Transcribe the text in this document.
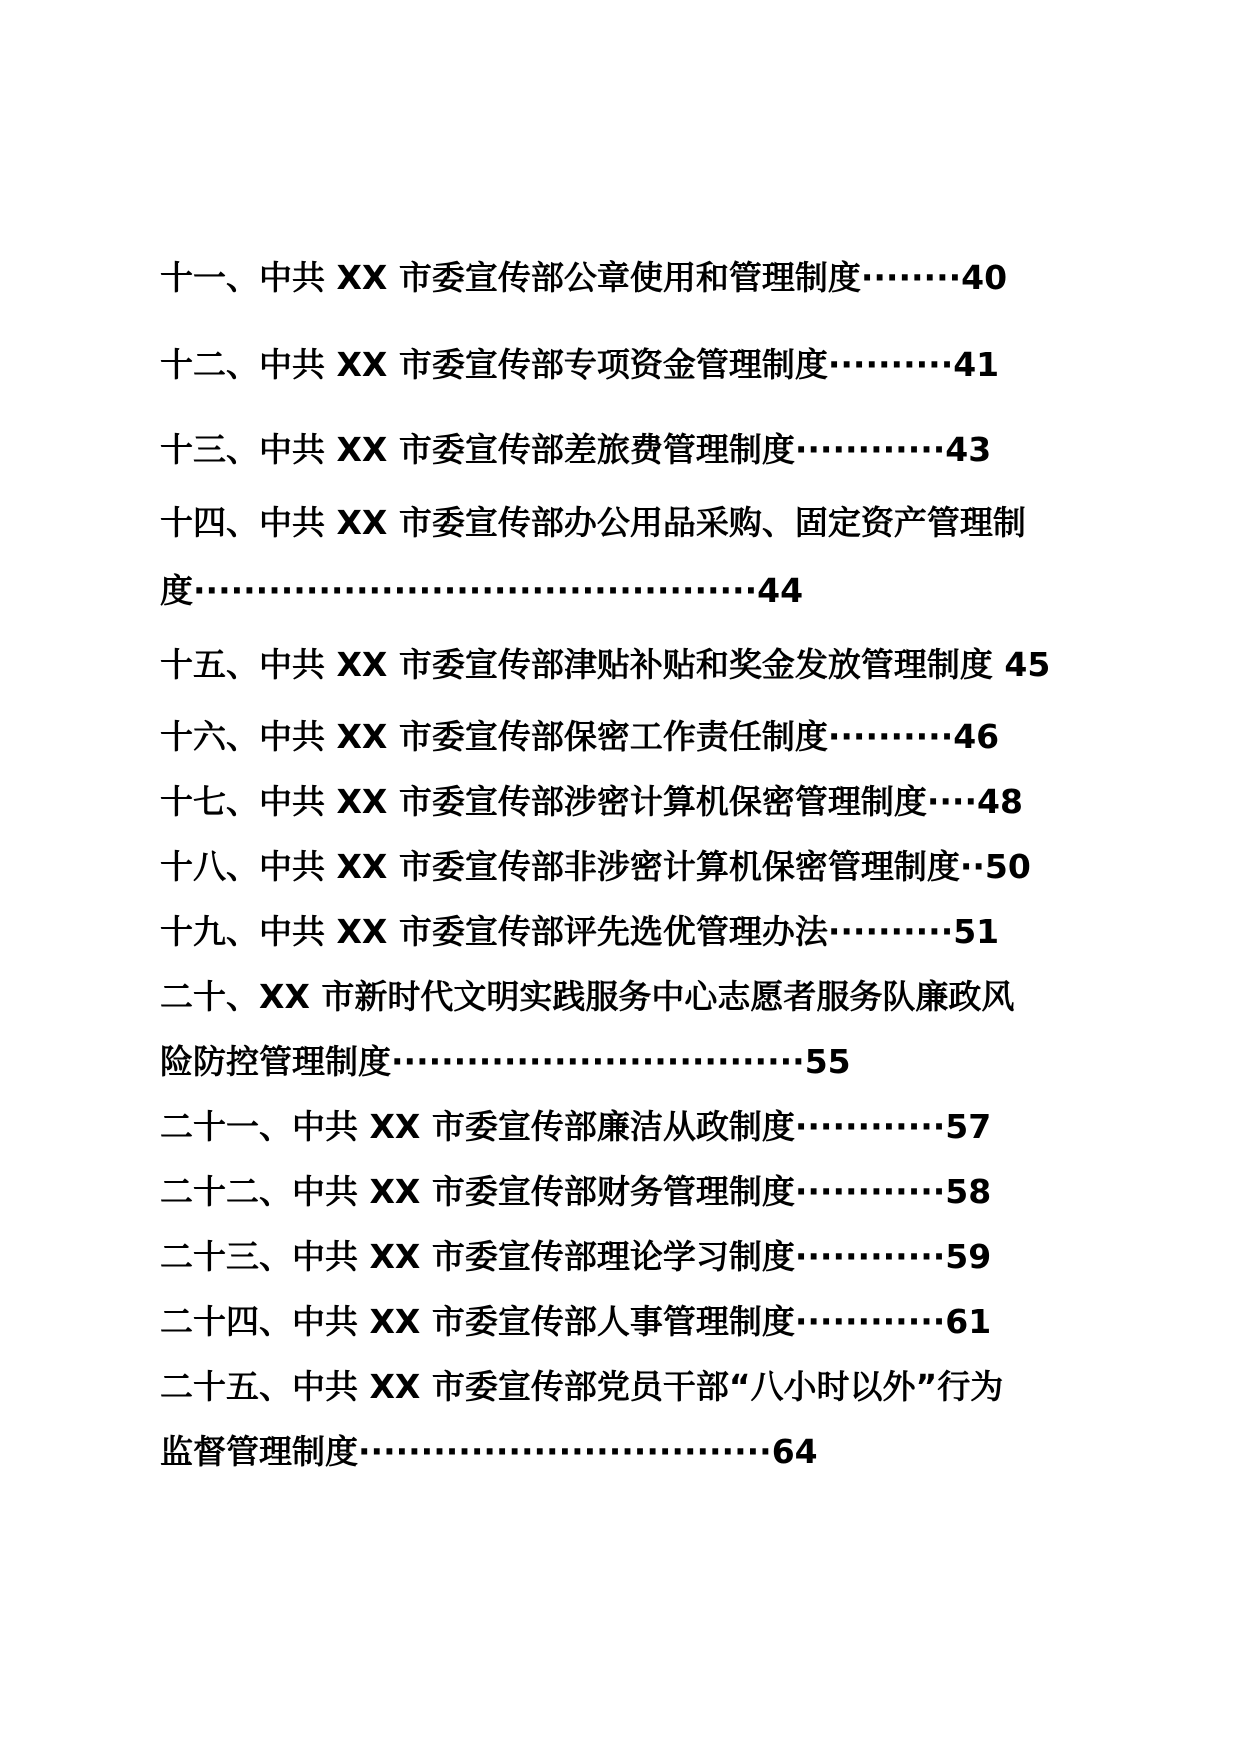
十一、中共 XX 市委宣传部公章使用和管理制度········40
十二、中共 XX 市委宣传部专项资金管理制度··········41
十三、中共 XX 市委宣传部差旅费管理制度············43
十四、中共 XX 市委宣传部办公用品采购、固定资产管理制
度·············································44
十五、中共 XX 市委宣传部津贴补贴和奖金发放管理制度 45
十六、中共 XX 市委宣传部保密工作责任制度··········46
十七、中共 XX 市委宣传部涉密计算机保密管理制度····48
十八、中共 XX 市委宣传部非涉密计算机保密管理制度··50
十九、中共 XX 市委宣传部评先选优管理办法··········51
二十、XX 市新时代文明实践服务中心志愿者服务队廉政风
险防控管理制度·································55
二十一、中共 XX 市委宣传部廉洁从政制度············57
二十二、中共 XX 市委宣传部财务管理制度············58
二十三、中共 XX 市委宣传部理论学习制度············59
二十四、中共 XX 市委宣传部人事管理制度············61
二十五、中共 XX 市委宣传部党员干部“八小时以外”行为
监督管理制度·································64
